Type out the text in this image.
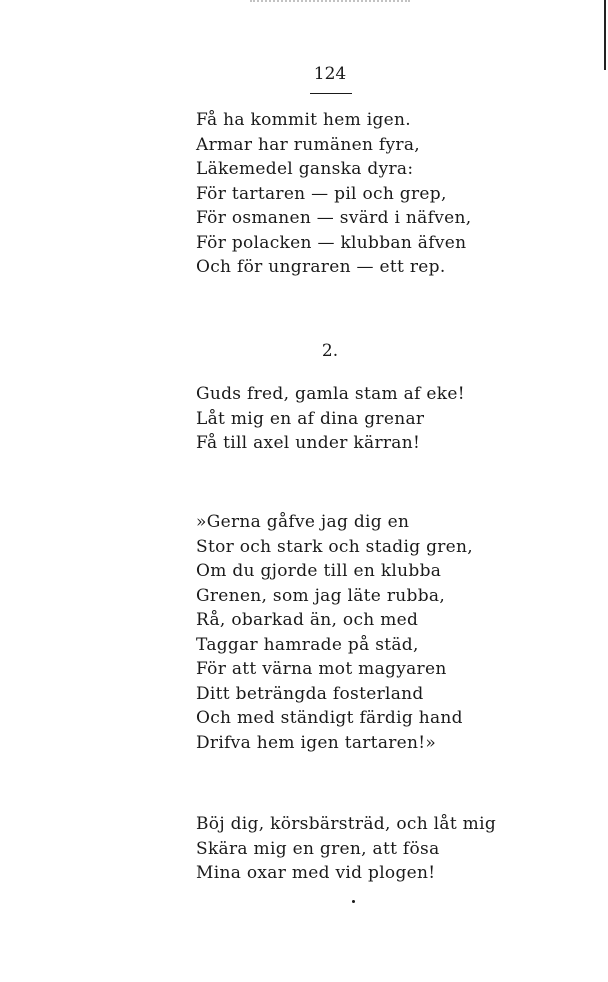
124
Få ha kommit hem igen.
Armar har rumänen fyra,
Läkemedel ganska dyra:
För tartaren — pil och grep,
För osmanen — svärd i näfven,
För polacken — klubban äfven
Och för ungraren — ett rep.
2.
Guds fred, gamla stam af eke!
Låt mig en af dina grenar
Få till axel under kärran!
»Gerna gåfve jag dig en
Stor och stark och stadig gren,
Om du gjorde till en klubba
Grenen, som jag läte rubba,
Rå, obarkad än, och med
Taggar hamrade på städ,
För att värna mot magyaren
Ditt beträngda fosterland
Och med ständigt färdig hand
Drifva hem igen tartaren!»
Böj dig, körsbärsträd, och låt mig
Skära mig en gren, att fösa
Mina oxar med vid plogen!
